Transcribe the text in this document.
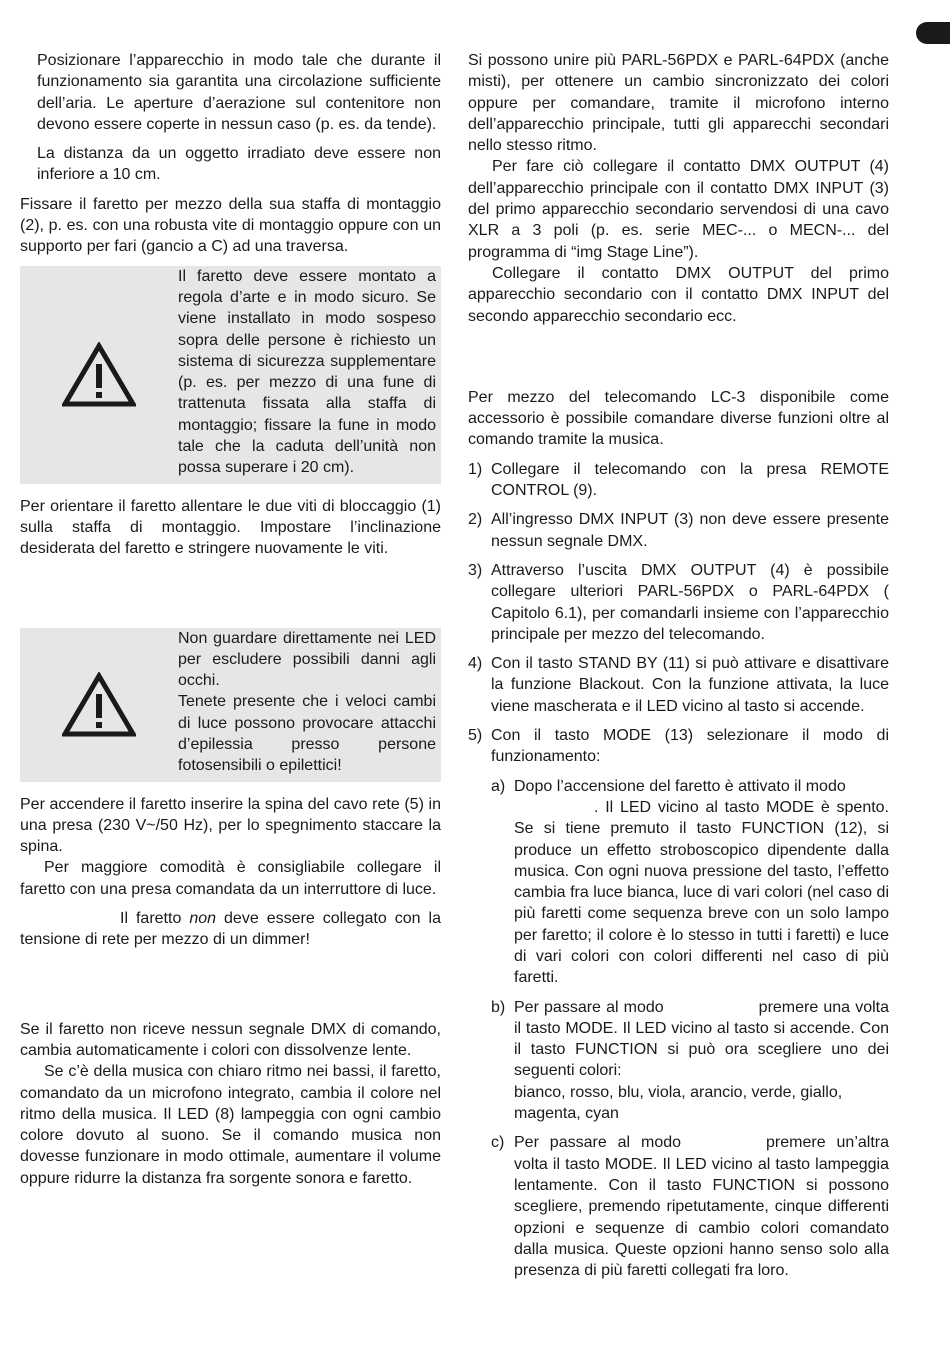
Posizionare l’apparecchio in modo tale che durante il funzionamento sia garantita una circolazione sufficiente dell’aria. Le aperture d’aerazione sul contenitore non devono essere coperte in nessun caso (p. es. da tende).

La distanza da un oggetto irradiato deve essere non inferiore a 10 cm.

Fissare il faretto per mezzo della sua staffa di montaggio (2), p. es. con una robusta vite di montaggio oppure con un supporto per fari (gancio a C) ad una traversa.

Il faretto deve essere montato a regola d’arte e in modo sicuro. Se viene installato in modo sospeso sopra delle persone è richiesto un sistema di sicurezza supplementare (p. es. per mezzo di una fune di trattenuta fissata alla staffa di montaggio; fissare la fune in modo tale che la caduta dell’unità non possa superare i 20 cm).

Per orientare il faretto allentare le due viti di bloccaggio (1) sulla staffa di montaggio. Impostare l’inclinazione desiderata del faretto e stringere nuovamente le viti.

Non guardare direttamente nei LED per escludere possibili danni agli occhi.

Tenete presente che i veloci cambi di luce possono provocare attacchi d’epilessia presso persone fotosensibili o epilettici!

Per accendere il faretto inserire la spina del cavo rete (5) in una presa (230 V~/50 Hz), per lo spegnimento staccare la spina.

Per maggiore comodità è consigliabile collegare il faretto con una presa comandata da un interruttore di luce.

Il faretto non deve essere collegato con la tensione di rete per mezzo di un dimmer!

Se il faretto non riceve nessun segnale DMX di comando, cambia automaticamente i colori con dissolvenze lente.

Se c’è della musica con chiaro ritmo nei bassi, il faretto, comandato da un microfono integrato, cambia il colore nel ritmo della musica. Il LED (8) lampeggia con ogni cambio colore dovuto al suono. Se il comando musica non dovesse funzionare in modo ottimale, aumentare il volume oppure ridurre la distanza fra sorgente sonora e faretto.

Si possono unire più PARL-56PDX e PARL-64PDX (anche misti), per ottenere un cambio sincronizzato dei colori oppure per comandare, tramite il microfono interno dell’apparecchio principale, tutti gli apparecchi secondari nello stesso ritmo.

Per fare ciò collegare il contatto DMX OUTPUT (4) dell’apparecchio principale con il contatto DMX INPUT (3) del primo apparecchio secondario servendosi di una cavo XLR a 3 poli (p. es. serie MEC-... o MECN-... del programma di “img Stage Line”).

Collegare il contatto DMX OUTPUT del primo apparecchio secondario con il contatto DMX INPUT del secondo apparecchio secondario ecc.

Per mezzo del telecomando LC-3 disponibile come accessorio è possibile comandare diverse funzioni oltre al comando tramite la musica.

1) Collegare il telecomando con la presa REMOTE CONTROL (9).

2) All’ingresso DMX INPUT (3) non deve essere presente nessun segnale DMX.

3) Attraverso l’uscita DMX OUTPUT (4) è possibile collegare ulteriori PARL-56PDX o PARL-64PDX ( Capitolo 6.1), per comandarli insieme con l’apparecchio principale per mezzo del telecomando.

4) Con il tasto STAND BY (11) si può attivare e disattivare la funzione Blackout. Con la funzione attivata, la luce viene mascherata e il LED vicino al tasto si accende.

5) Con il tasto MODE (13) selezionare il modo di funzionamento:

a) Dopo l’accensione del faretto è attivato il modo
. Il LED vicino al tasto MODE è spento. Se si tiene premuto il tasto FUNCTION (12), si produce un effetto stroboscopico dipendente dalla musica. Con ogni nuova pressione del tasto, l’effetto cambia fra luce bianca, luce di vari colori (nel caso di più faretti come sequenza breve con un solo lampo per faretto; il colore è lo stesso in tutti i faretti) e luce di vari colori con colori differenti nel caso di più faretti.

b) Per passare al modo	premere una volta il tasto MODE. Il LED vicino al tasto si accende. Con il tasto FUNCTION si può ora scegliere uno dei seguenti colori:

bianco, rosso, blu, viola, arancio, verde, giallo, magenta, cyan

c) Per passare al modo	premere un’altra volta il tasto MODE. Il LED vicino al tasto lampeggia lentamente. Con il tasto FUNCTION si possono scegliere, premendo ripetutamente, cinque differenti opzioni e sequenze di cambio colori comandato dalla musica. Queste opzioni hanno senso solo alla presenza di più faretti collegati fra loro.
